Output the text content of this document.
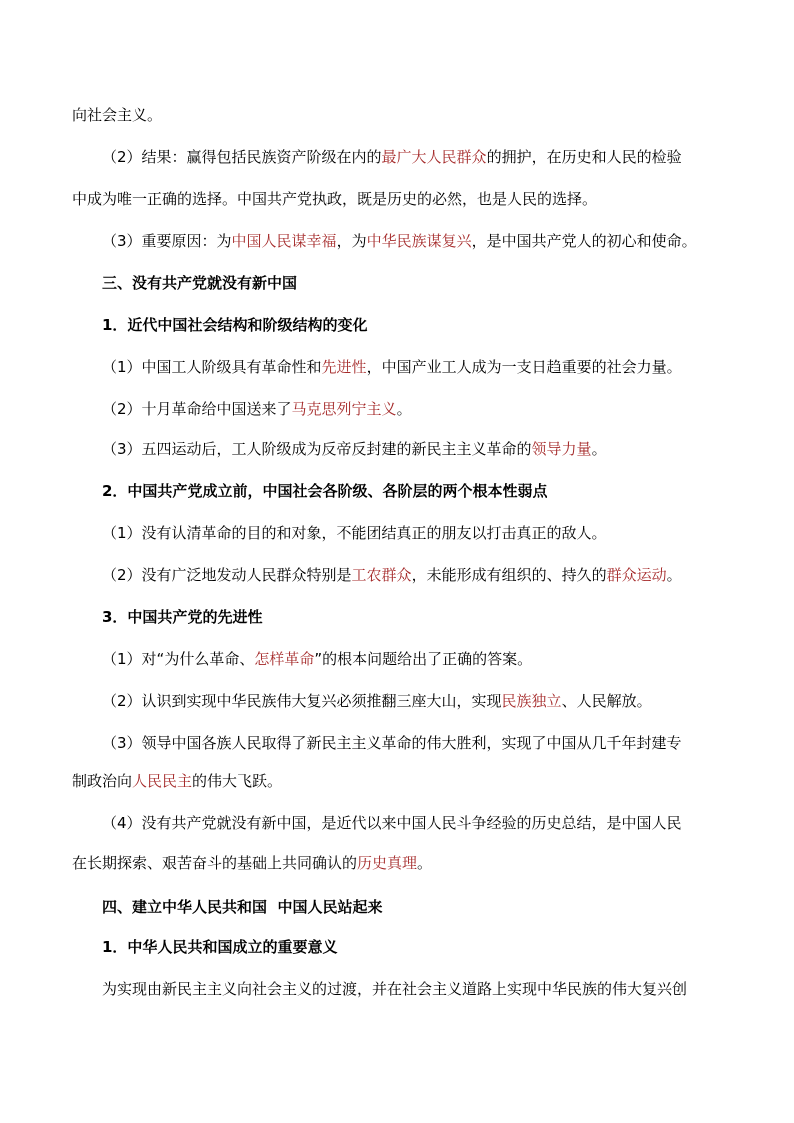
向社会主义。
（2）结果：赢得包括民族资产阶级在内的最广大人民群众的拥护，在历史和人民的检验
中成为唯一正确的选择。中国共产党执政，既是历史的必然，也是人民的选择。
（3）重要原因：为中国人民谋幸福，为中华民族谋复兴，是中国共产党人的初心和使命。
三、没有共产党就没有新中国
1．近代中国社会结构和阶级结构的变化
（1）中国工人阶级具有革命性和先进性，中国产业工人成为一支日趋重要的社会力量。
（2）十月革命给中国送来了马克思列宁主义。
（3）五四运动后，工人阶级成为反帝反封建的新民主主义革命的领导力量。
2．中国共产党成立前，中国社会各阶级、各阶层的两个根本性弱点
（1）没有认清革命的目的和对象，不能团结真正的朋友以打击真正的敌人。
（2）没有广泛地发动人民群众特别是工农群众，未能形成有组织的、持久的群众运动。
3．中国共产党的先进性
（1）对“为什么革命、怎样革命”的根本问题给出了正确的答案。
（2）认识到实现中华民族伟大复兴必须推翻三座大山，实现民族独立、人民解放。
（3）领导中国各族人民取得了新民主主义革命的伟大胜利，实现了中国从几千年封建专
制政治向人民民主的伟大飞跃。
（4）没有共产党就没有新中国，是近代以来中国人民斗争经验的历史总结，是中国人民
在长期探索、艰苦奋斗的基础上共同确认的历史真理。
四、建立中华人民共和国  中国人民站起来
1．中华人民共和国成立的重要意义
为实现由新民主主义向社会主义的过渡，并在社会主义道路上实现中华民族的伟大复兴创
